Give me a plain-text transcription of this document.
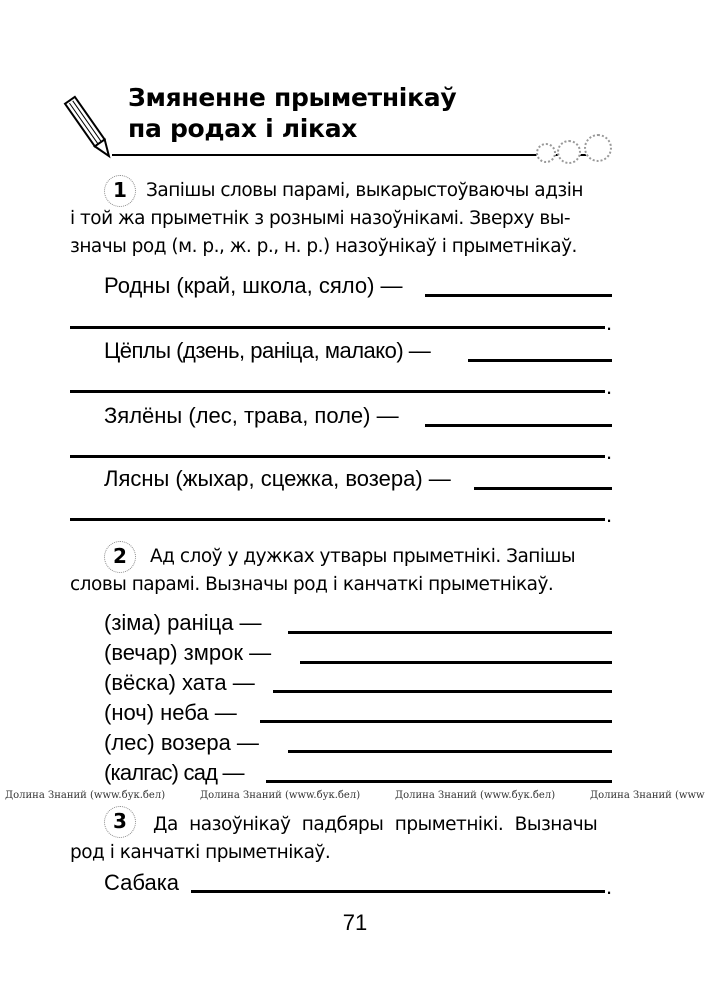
Змяненне прыметнікаў
па родах і ліках
1	Запішы словы парамі, выкарыстоўваючы адзін
і той жа прыметнік з рознымі назоўнікамі. Зверху вы-
значы род (м. р., ж. р., н. р.) назоўнікаў і прыметнікаў.
Родны (край, школа, сяло) —
.
Цёплы (дзень, раніца, малако) —
.
Зялёны (лес, трава, поле) —
.
Лясны (жыхар, сцежка, возера) —
.
2	Ад слоў у дужках утвары прыметнікі. Запішы
словы парамі. Вызначы род і канчаткі прыметнікаў.
(зіма) раніца —
(вечар) змрок —
(вёска) хата —
(ноч) неба —
(лес) возера —
(калгас) сад —
Долина Знаний (www.бук.бел)	Долина Знаний (www.бук.бел)	Долина Знаний (www.бук.бел)	Долина Знаний (www
3	Да назоўнікаў падбяры прыметнікі. Вызначы
род і канчаткі прыметнікаў.
Сабака	.
71
